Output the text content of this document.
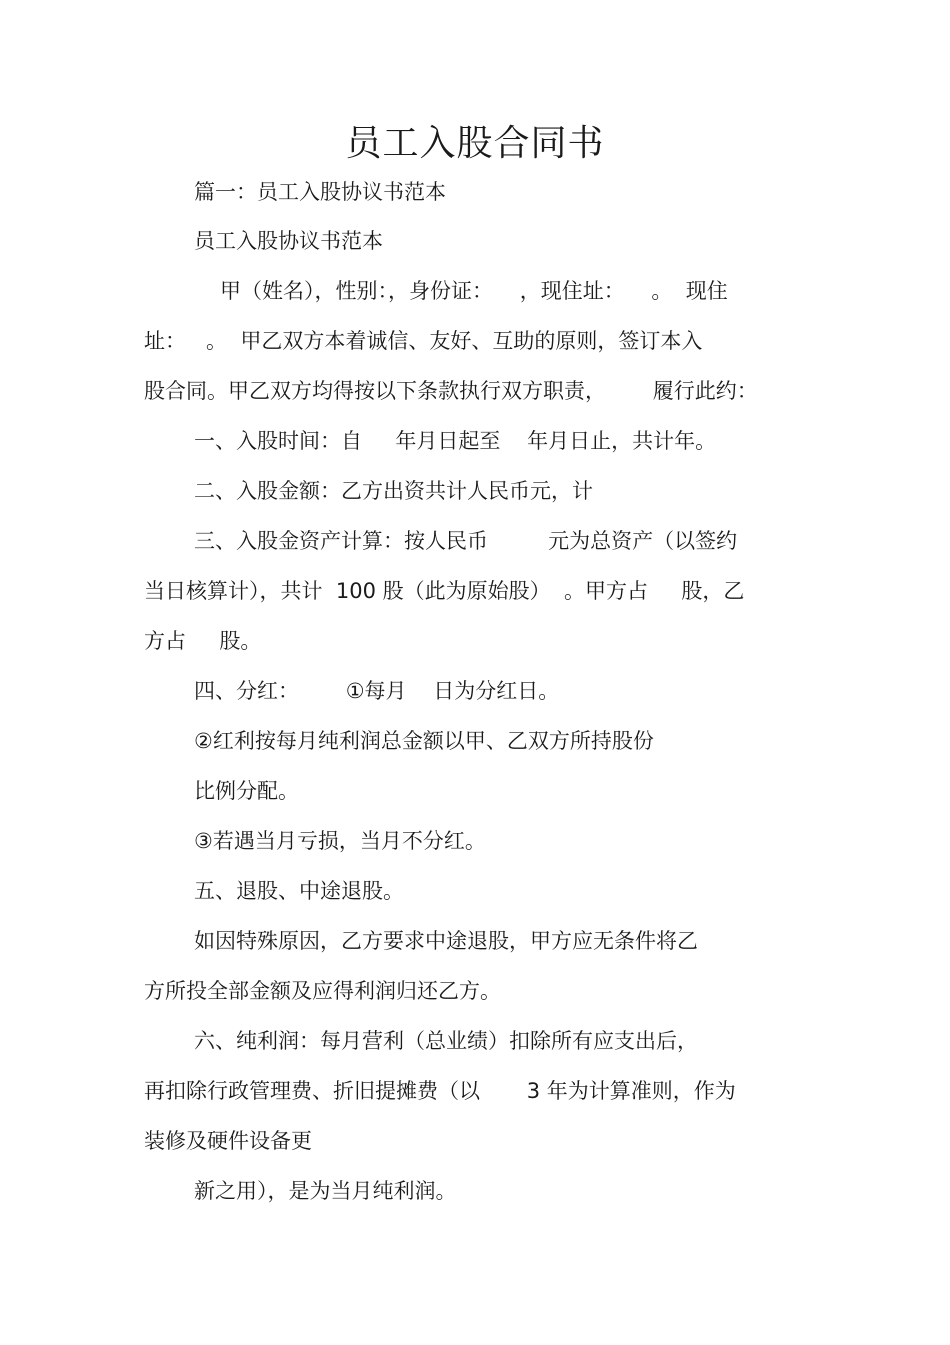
员工入股合同书

篇一：员工入股协议书范本

员工入股协议书范本

甲（姓名），性别：，身份证：    ，现住址：    。  现住

址：   。  甲乙双方本着诚信、友好、互助的原则，签订本入

股合同。甲乙双方均得按以下条款执行双方职责，       履行此约：

一、入股时间：自     年月日起至    年月日止，共计年。

二、入股金额：乙方出资共计人民币元，计

三、入股金资产计算：按人民币         元为总资产（以签约

当日核算计），共计  100 股（此为原始股）  。甲方占     股，乙

方占     股。

四、分红：       ①每月    日为分红日。

②红利按每月纯利润总金额以甲、乙双方所持股份

比例分配。

③若遇当月亏损，当月不分红。

五、退股、中途退股。

如因特殊原因，乙方要求中途退股，甲方应无条件将乙

方所投全部金额及应得利润归还乙方。

六、纯利润：每月营利（总业绩）扣除所有应支出后，

再扣除行政管理费、折旧提摊费（以       3 年为计算准则，作为

装修及硬件设备更

新之用），是为当月纯利润。
